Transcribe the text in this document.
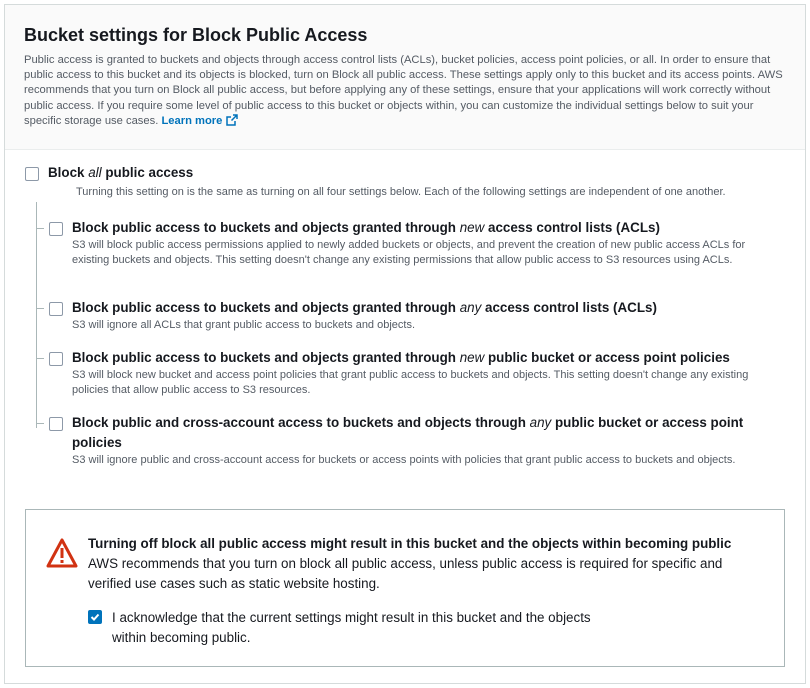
Bucket settings for Block Public Access
Public access is granted to buckets and objects through access control lists (ACLs), bucket policies, access point policies, or all. In order to ensure that public access to this bucket and its objects is blocked, turn on Block all public access. These settings apply only to this bucket and its access points. AWS recommends that you turn on Block all public access, but before applying any of these settings, ensure that your applications will work correctly without public access. If you require some level of public access to this bucket or objects within, you can customize the individual settings below to suit your specific storage use cases. Learn more
Block all public access
Turning this setting on is the same as turning on all four settings below. Each of the following settings are independent of one another.
Block public access to buckets and objects granted through new access control lists (ACLs)
S3 will block public access permissions applied to newly added buckets or objects, and prevent the creation of new public access ACLs for existing buckets and objects. This setting doesn't change any existing permissions that allow public access to S3 resources using ACLs.
Block public access to buckets and objects granted through any access control lists (ACLs)
S3 will ignore all ACLs that grant public access to buckets and objects.
Block public access to buckets and objects granted through new public bucket or access point policies
S3 will block new bucket and access point policies that grant public access to buckets and objects. This setting doesn't change any existing policies that allow public access to S3 resources.
Block public and cross-account access to buckets and objects through any public bucket or access point policies
S3 will ignore public and cross-account access for buckets or access points with policies that grant public access to buckets and objects.
Turning off block all public access might result in this bucket and the objects within becoming public
AWS recommends that you turn on block all public access, unless public access is required for specific and verified use cases such as static website hosting.
I acknowledge that the current settings might result in this bucket and the objects within becoming public.
